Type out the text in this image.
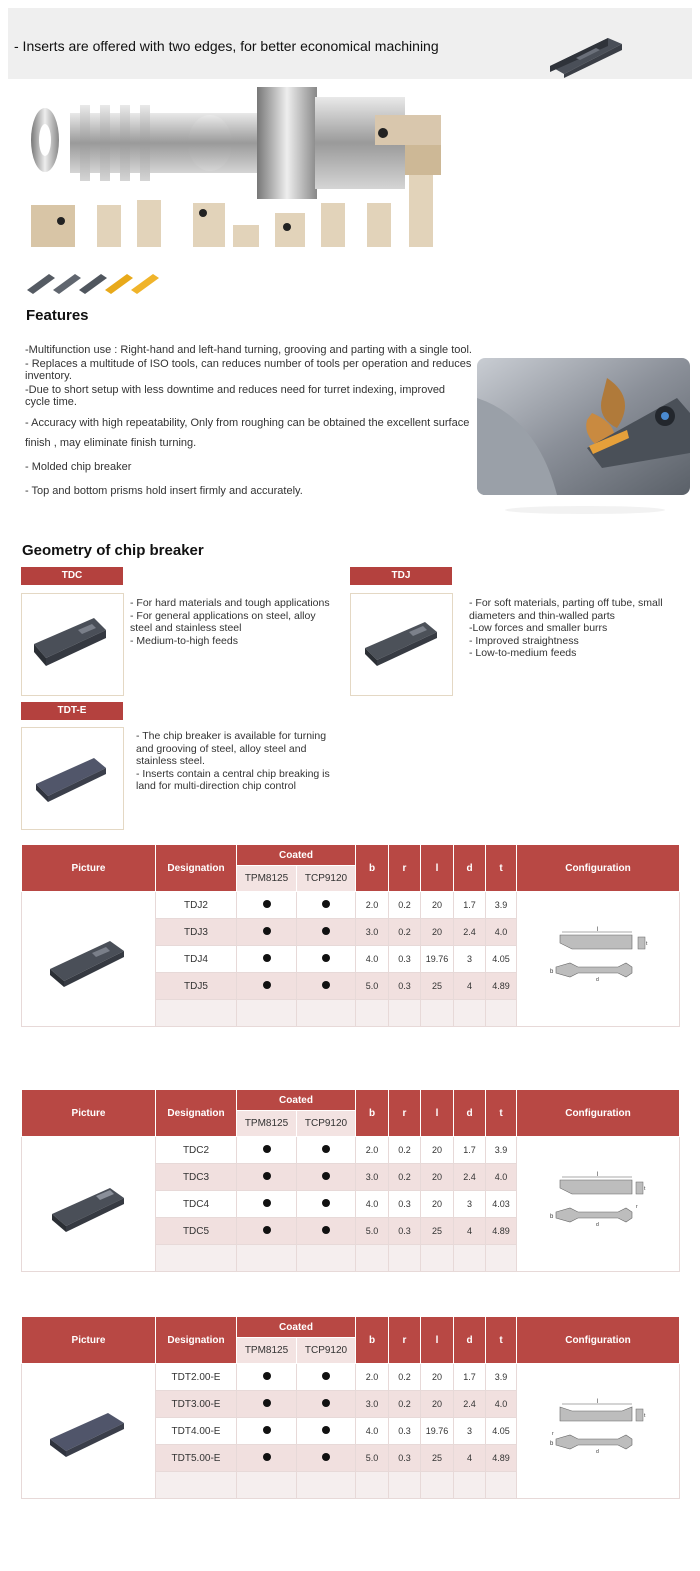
- Inserts are offered with two edges, for better economical machining
Features
-Multifunction use : Right-hand and left-hand turning, grooving and parting with a single tool.
- Replaces a multitude of ISO tools, can reduces number of tools per operation and reduces inventory.
-Due to short setup with less downtime and reduces need for turret indexing, improved cycle time.
- Accuracy with high repeatability, Only from roughing can be obtained the excellent surface finish , may eliminate finish turning.
- Molded chip breaker
- Top and bottom prisms hold insert firmly and accurately.
Geometry of chip breaker
TDC
- For hard materials and tough applications
- For general applications on steel, alloy steel and stainless steel
- Medium-to-high feeds
TDJ
- For soft materials, parting off tube, small diameters and thin-walled parts
-Low forces and smaller burrs
- Improved straightness
- Low-to-medium feeds
TDT-E
- The chip breaker is available for turning and grooving of steel, alloy steel and stainless steel.
- Inserts contain a central chip breaking is land for multi-direction chip control
Picture	Designation	Coated		b	r	l	d	t	Configuration
		TPM8125	TCP9120						
	TDJ2			2.0	0.2	20	1.7	3.9	l
t
b
d

	TDJ3			3.0	0.2	20	2.4	4.0	
	TDJ4			4.0	0.3	19.76	3	4.05	
	TDJ5			5.0	0.3	25	4	4.89	

Picture	Designation	Coated		b	r	l	d	t	Configuration
		TPM8125	TCP9120						
	TDC2			2.0	0.2	20	1.7	3.9	l
t
b
d
r

	TDC3			3.0	0.2	20	2.4	4.0	
	TDC4			4.0	0.3	20	3	4.03	
	TDC5			5.0	0.3	25	4	4.89	

Picture	Designation	Coated		b	r	l	d	t	Configuration
		TPM8125	TCP9120						
	TDT2.00-E			2.0	0.2	20	1.7	3.9	l
t
b
d
r

	TDT3.00-E			3.0	0.2	20	2.4	4.0	
	TDT4.00-E			4.0	0.3	19.76	3	4.05	
	TDT5.00-E			5.0	0.3	25	4	4.89	
